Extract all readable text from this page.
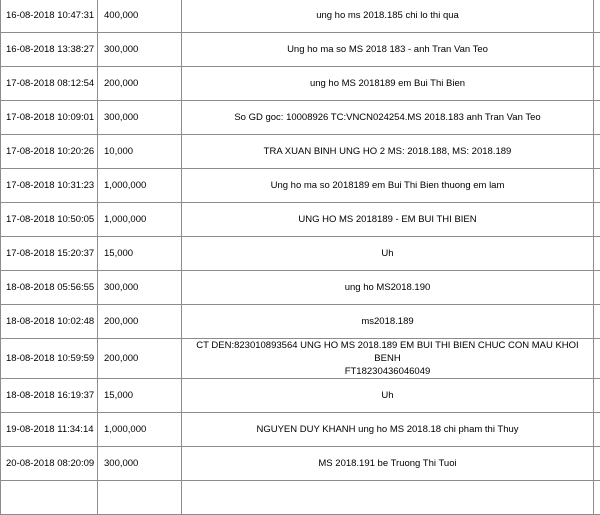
16-08-2018 10:47:31	400,000	ung ho ms 2018.185 chi lo thi qua	
16-08-2018 13:38:27	300,000	Ung ho ma so MS 2018 183 - anh Tran Van Teo	
17-08-2018 08:12:54	200,000	ung ho MS 2018189 em Bui Thi Bien	
17-08-2018 10:09:01	300,000	So GD goc: 10008926 TC:VNCN024254.MS 2018.183 anh Tran Van Teo	
17-08-2018 10:20:26	10,000	TRA XUAN BINH UNG HO 2 MS: 2018.188, MS: 2018.189	
17-08-2018 10:31:23	1,000,000	Ung ho ma so 2018189 em Bui Thi Bien thuong em lam	
17-08-2018 10:50:05	1,000,000	UNG HO MS 2018189 - EM BUI THI BIEN	
17-08-2018 15:20:37	15,000	Uh	
18-08-2018 05:56:55	300,000	ung ho MS2018.190	
18-08-2018 10:02:48	200,000	ms2018.189	
18-08-2018 10:59:59	200,000	CT DEN:823010893564 UNG HO MS 2018.189 EM BUI THI BIEN CHUC CON MAU KHOI BENH
FT18230436046049	

18-08-2018 16:19:37	15,000	Uh	
19-08-2018 11:34:14	1,000,000	NGUYEN DUY KHANH ung ho MS 2018.18 chi pham thi Thuy	
20-08-2018 08:20:09	300,000	MS 2018.191 be Truong Thi Tuoi	
